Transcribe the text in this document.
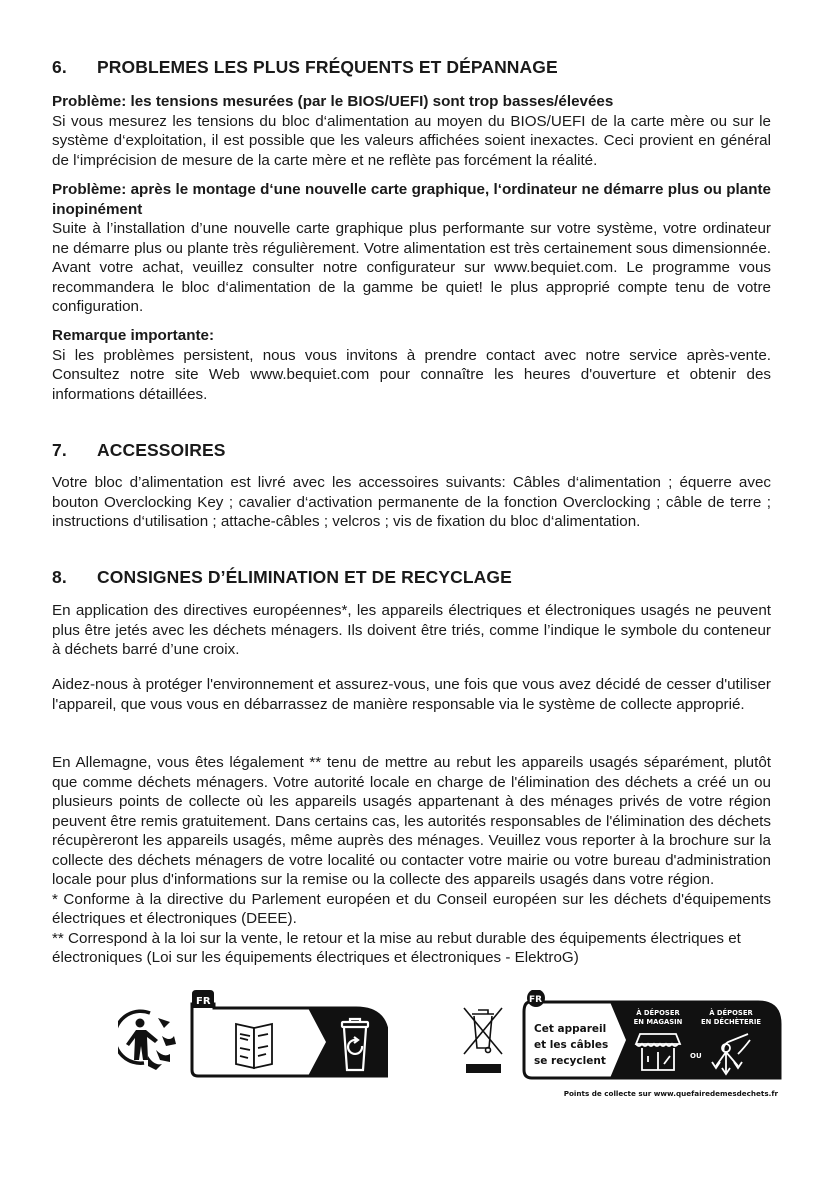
6. PROBLEMES LES PLUS FRÉQUENTS ET DÉPANNAGE

Problème: les tensions mesurées (par le BIOS/UEFI) sont trop basses/élevées

Si vous mesurez les tensions du bloc d‘alimentation au moyen du BIOS/UEFI de la carte mère ou sur le système d‘exploitation, il est possible que les valeurs affichées soient inexactes. Ceci provient en général de l‘imprécision de mesure de la carte mère et ne reflète pas forcément la réalité.

Problème: après le montage d‘une nouvelle carte graphique, l‘ordinateur ne démarre plus ou plante inopinément

Suite à l’installation d’une nouvelle carte graphique plus performante sur votre système, votre ordinateur ne démarre plus ou plante très régulièrement. Votre alimentation est très certainement sous dimensionnée. Avant votre achat, veuillez consulter notre configurateur sur www.bequiet.com. Le programme vous recommandera le bloc d‘alimentation de la gamme be quiet! le plus approprié compte tenu de votre configuration.

Remarque importante:

Si les problèmes persistent, nous vous invitons à prendre contact avec notre service après-vente. Consultez notre site Web www.bequiet.com pour connaître les heures d'ouverture et obtenir des informations détaillées.

7. ACCESSOIRES

Votre bloc d’alimentation est livré avec les accessoires suivants: Câbles d‘alimentation ; équerre avec bouton Overclocking Key ; cavalier d‘activation permanente de la fonction Overclocking ; câble de terre ; instructions d‘utilisation ; attache-câbles ; velcros ; vis de fixation du bloc d‘alimentation.

8. CONSIGNES D’ÉLIMINATION ET DE RECYCLAGE

En application des directives européennes*, les appareils électriques et électroniques usagés ne peuvent plus être jetés avec les déchets ménagers. Ils doivent être triés, comme l’indique le symbole du conteneur à déchets barré d’une croix.

Aidez-nous à protéger l'environnement et assurez-vous, une fois que vous avez décidé de cesser d'utiliser l'appareil, que vous vous en débarrassez de manière responsable via le système de collecte approprié.

En Allemagne, vous êtes légalement ** tenu de mettre au rebut les appareils usagés séparément, plutôt que comme déchets ménagers. Votre autorité locale en charge de l'élimination des déchets a créé un ou plusieurs points de collecte où les appareils usagés appartenant à des ménages privés de votre région peuvent être remis gratuitement. Dans certains cas, les autorités responsables de l'élimination des déchets récupèreront les appareils usagés, même auprès des ménages. Veuillez vous reporter à la brochure sur la collecte des déchets ménagers de votre localité ou contacter votre mairie ou votre bureau d'administration locale pour plus d'informations sur la remise ou la collecte des appareils usagés dans votre région.

* Conforme à la directive du Parlement européen et du Conseil européen sur les déchets d'équipements électriques et électroniques (DEEE).

** Correspond à la loi sur la vente, le retour et la mise au rebut durable des équipements électriques et électroniques (Loi sur les équipements électriques et électroniques - ElektroG)

FR	FR
Cet appareil
et les câbles
se recyclent
À DÉPOSER
EN MAGASIN
À DÉPOSER
EN DÉCHÈTERIE
OU
Points de collecte sur www.quefairedemesdechets.fr
